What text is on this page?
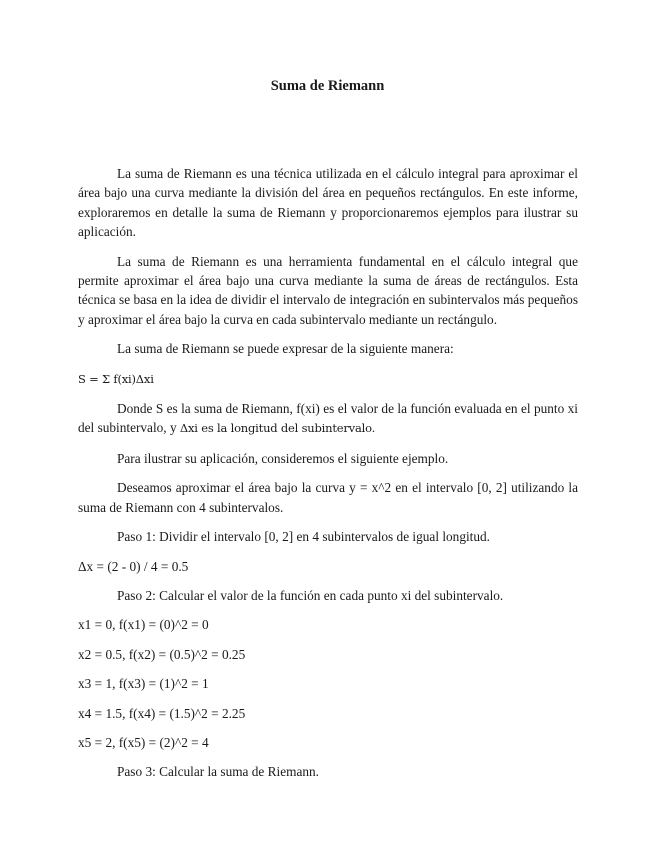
Suma de Riemann

La suma de Riemann es una técnica utilizada en el cálculo integral para aproximar el área bajo una curva mediante la división del área en pequeños rectángulos. En este informe, exploraremos en detalle la suma de Riemann y proporcionaremos ejemplos para ilustrar su aplicación.

La suma de Riemann es una herramienta fundamental en el cálculo integral que permite aproximar el área bajo una curva mediante la suma de áreas de rectángulos. Esta técnica se basa en la idea de dividir el intervalo de integración en subintervalos más pequeños y aproximar el área bajo la curva en cada subintervalo mediante un rectángulo.

La suma de Riemann se puede expresar de la siguiente manera:

S = Σ f(xi)Δxi

Donde S es la suma de Riemann, f(xi) es el valor de la función evaluada en el punto xi del subintervalo, y Δxi es la longitud del subintervalo.

Para ilustrar su aplicación, consideremos el siguiente ejemplo.

Deseamos aproximar el área bajo la curva y = x^2 en el intervalo [0, 2] utilizando la suma de Riemann con 4 subintervalos.

Paso 1: Dividir el intervalo [0, 2] en 4 subintervalos de igual longitud.

Δx = (2 - 0) / 4 = 0.5

Paso 2: Calcular el valor de la función en cada punto xi del subintervalo.

x1 = 0, f(x1) = (0)^2 = 0

x2 = 0.5, f(x2) = (0.5)^2 = 0.25

x3 = 1, f(x3) = (1)^2 = 1

x4 = 1.5, f(x4) = (1.5)^2 = 2.25

x5 = 2, f(x5) = (2)^2 = 4

Paso 3: Calcular la suma de Riemann.
